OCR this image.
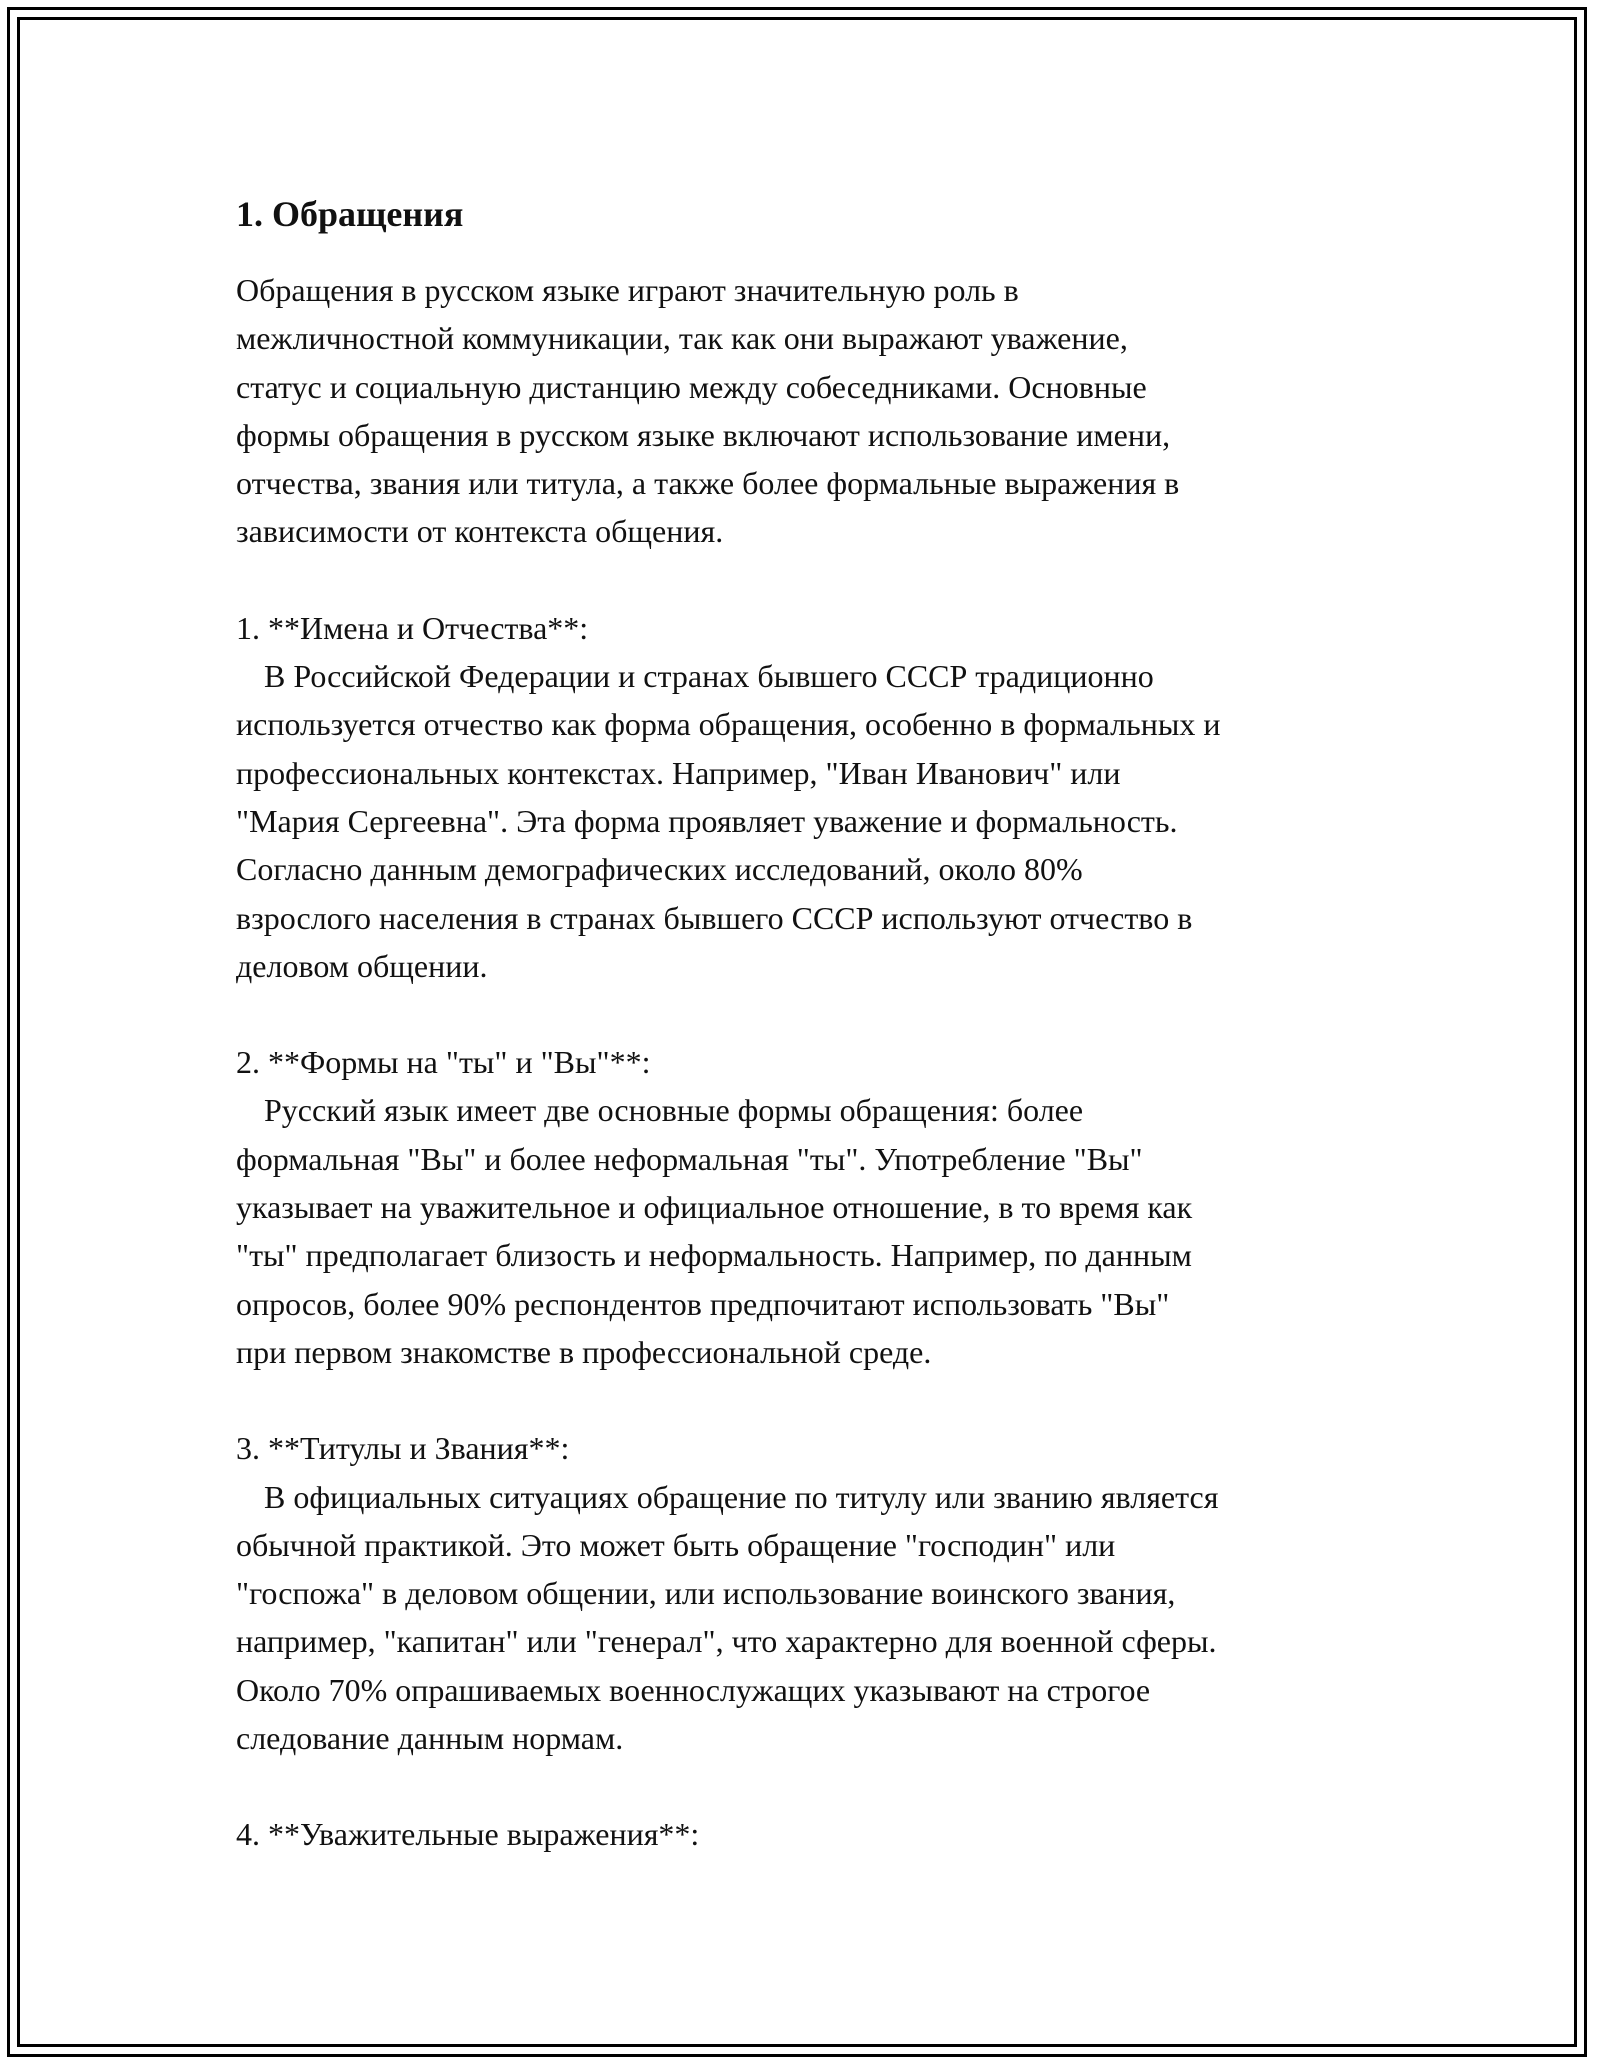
1. Обращения
Обращения в русском языке играют значительную роль в
межличностной коммуникации, так как они выражают уважение,
статус и социальную дистанцию между собеседниками. Основные
формы обращения в русском языке включают использование имени,
отчества, звания или титула, а также более формальные выражения в
зависимости от контекста общения.
1. **Имена и Отчества**:
В Российской Федерации и странах бывшего СССР традиционно
используется отчество как форма обращения, особенно в формальных и
профессиональных контекстах. Например, "Иван Иванович" или
"Мария Сергеевна". Эта форма проявляет уважение и формальность.
Согласно данным демографических исследований, около 80%
взрослого населения в странах бывшего СССР используют отчество в
деловом общении.
2. **Формы на "ты" и "Вы"**:
Русский язык имеет две основные формы обращения: более
формальная "Вы" и более неформальная "ты". Употребление "Вы"
указывает на уважительное и официальное отношение, в то время как
"ты" предполагает близость и неформальность. Например, по данным
опросов, более 90% респондентов предпочитают использовать "Вы"
при первом знакомстве в профессиональной среде.
3. **Титулы и Звания**:
В официальных ситуациях обращение по титулу или званию является
обычной практикой. Это может быть обращение "господин" или
"госпожа" в деловом общении, или использование воинского звания,
например, "капитан" или "генерал", что характерно для военной сферы.
Около 70% опрашиваемых военнослужащих указывают на строгое
следование данным нормам.
4. **Уважительные выражения**:
